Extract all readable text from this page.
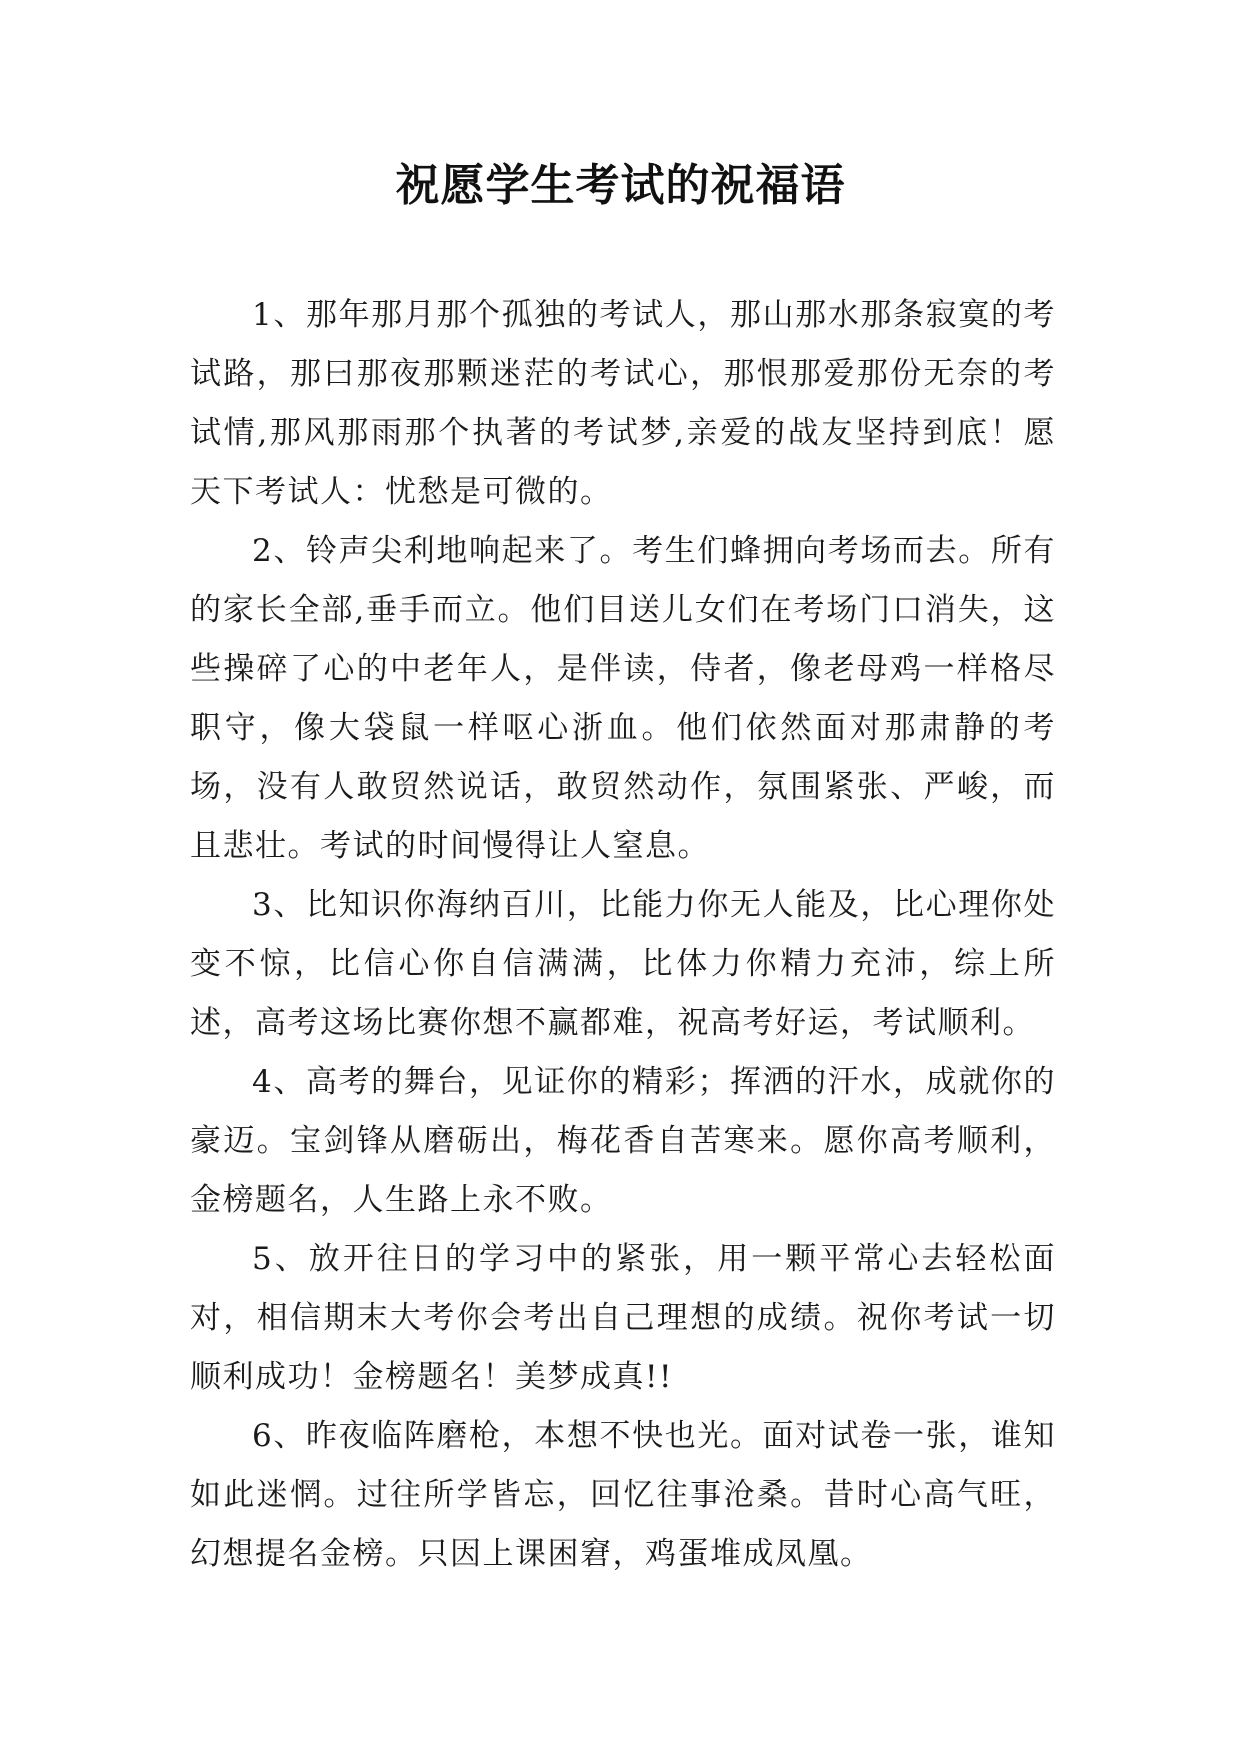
祝愿学生考试的祝福语

1、那年那月那个孤独的考试人，那山那水那条寂寞的考试路，那曰那夜那颗迷茫的考试心，那恨那爱那份无奈的考试情,那风那雨那个执著的考试梦,亲爱的战友坚持到底！愿天下考试人：忧愁是可微的。

2、铃声尖利地响起来了。考生们蜂拥向考场而去。所有的家长全部,垂手而立。他们目送儿女们在考场门口消失，这些操碎了心的中老年人，是伴读，侍者，像老母鸡一样格尽职守，像大袋鼠一样呕心浙血。他们依然面对那肃静的考场，没有人敢贸然说话，敢贸然动作，氛围紧张、严峻，而且悲壮。考试的时间慢得让人窒息。

3、比知识你海纳百川，比能力你无人能及，比心理你处变不惊，比信心你自信满满，比体力你精力充沛，综上所述，高考这场比赛你想不赢都难，祝高考好运，考试顺利。

4、高考的舞台，见证你的精彩；挥洒的汗水，成就你的豪迈。宝剑锋从磨砺出，梅花香自苦寒来。愿你高考顺利，金榜题名，人生路上永不败。

5、放开往日的学习中的紧张，用一颗平常心去轻松面对，相信期末大考你会考出自己理想的成绩。祝你考试一切顺利成功！金榜题名！美梦成真!!

6、昨夜临阵磨枪，本想不快也光。面对试卷一张，谁知如此迷惘。过往所学皆忘，回忆往事沧桑。昔时心高气旺，幻想提名金榜。只因上课困窘，鸡蛋堆成凤凰。
